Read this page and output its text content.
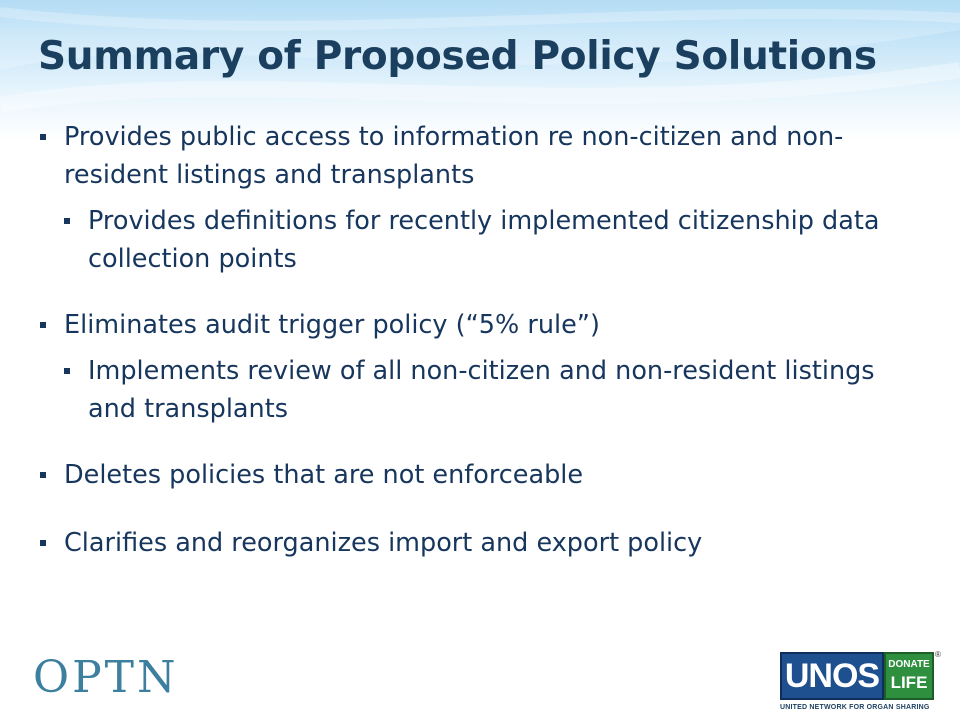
Summary of Proposed Policy Solutions
Provides public access to information re non-citizen and non-resident listings and transplants
Provides definitions for recently implemented citizenship data collection points
Eliminates audit trigger policy (“5% rule”)
Implements review of all non-citizen and non-resident listings and transplants
Deletes policies that are not enforceable
Clarifies and reorganizes import and export policy
OPTN	UNOS DONATE
LIFE
®
UNITED NETWORK FOR ORGAN SHARING
